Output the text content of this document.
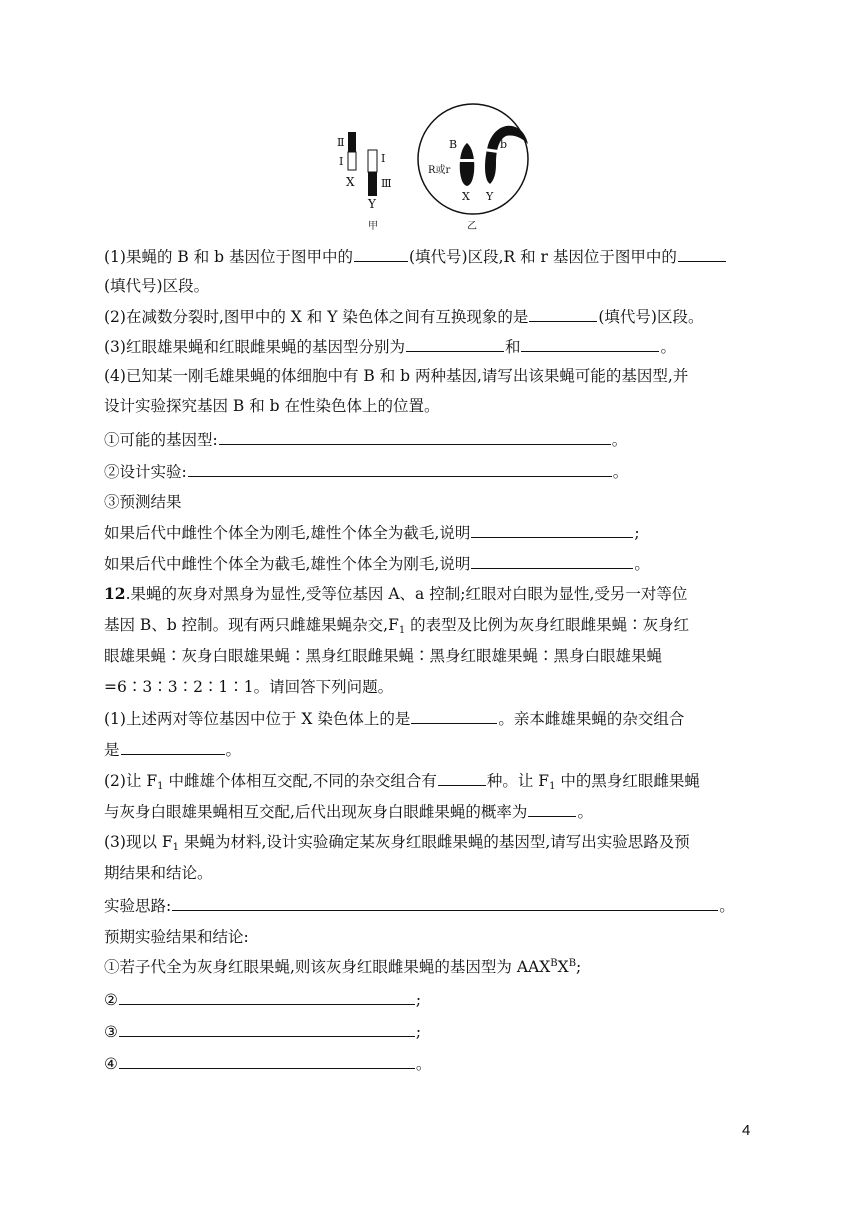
Ⅱ
Ⅰ
X
Ⅰ
Ⅲ
Y
甲
B	b
R或r
X Y
乙
(1)果蝇的 B 和 b 基因位于图甲中的	(填代号)区段,R 和 r 基因位于图甲中的
(填代号)区段。
(2)在减数分裂时,图甲中的 X 和 Y 染色体之间有互换现象的是	(填代号)区段。
(3)红眼雄果蝇和红眼雌果蝇的基因型分别为	和	。
(4)已知某一刚毛雄果蝇的体细胞中有 B 和 b 两种基因,请写出该果蝇可能的基因型,并
设计实验探究基因 B 和 b 在性染色体上的位置。
①可能的基因型:	。
②设计实验:	。
③预测结果
如果后代中雌性个体全为刚毛,雄性个体全为截毛,说明	;
如果后代中雌性个体全为截毛,雄性个体全为刚毛,说明	。
12.果蝇的灰身对黑身为显性,受等位基因 A、a 控制;红眼对白眼为显性,受另一对等位
基因 B、b 控制。现有两只雌雄果蝇杂交$,F_1$ 的表型及比例为灰身红眼雌果蝇∶灰身红
眼雄果蝇∶灰身白眼雄果蝇∶黑身红眼雌果蝇∶黑身红眼雄果蝇∶黑身白眼雄果蝇
=6∶3∶3∶2∶1∶1。请回答下列问题。
(1)上述两对等位基因中位于 X 染色体上的是	。亲本雌雄果蝇的杂交组合
是	。
(2)让 $F_1$ 中雌雄个体相互交配,不同的杂交组合有	种。让 $F_1$ 中的黑身红眼雌果蝇
与灰身白眼雄果蝇相互交配,后代出现灰身白眼雌果蝇的概率为	。
(3)现以 $F_1$ 果蝇为材料,设计实验确定某灰身红眼雌果蝇的基因型,请写出实验思路及预
期结果和结论。
实验思路:	。
预期实验结果和结论:
①若子代全为灰身红眼果蝇,则该灰身红眼雌果蝇的基因型为 $AAX^BX^B$;
②	;
③	;
④	。
4
